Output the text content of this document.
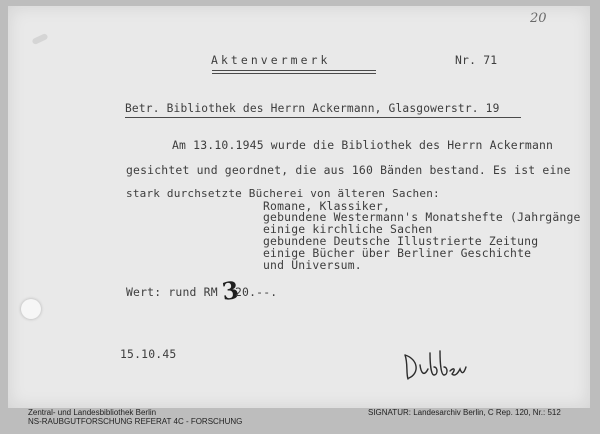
20
Aktenvermerk	Nr. 71
Betr. Bibliothek des Herrn Ackermann, Glasgowerstr. 19
Am 13.10.1945 wurde die Bibliothek des Herrn Ackermann
gesichtet und geordnet, die aus 160 Bänden bestand. Es ist eine
stark durchsetzte Bücherei von älteren Sachen:
Romane, Klassiker,
gebundene Westermann's Monatshefte (Jahrgänge
einige kirchliche Sachen
gebundene Deutsche Illustrierte Zeitung
einige Bücher über Berliner Geschichte
und Universum.
Wert: rund RM 3
20.--.
15.10.45
Zentral- und Landesbibliothek Berlin
NS-RAUBGUTFORSCHUNG REFERAT 4C - FORSCHUNG
SIGNATUR: Landesarchiv Berlin, C Rep. 120, Nr.: 512
